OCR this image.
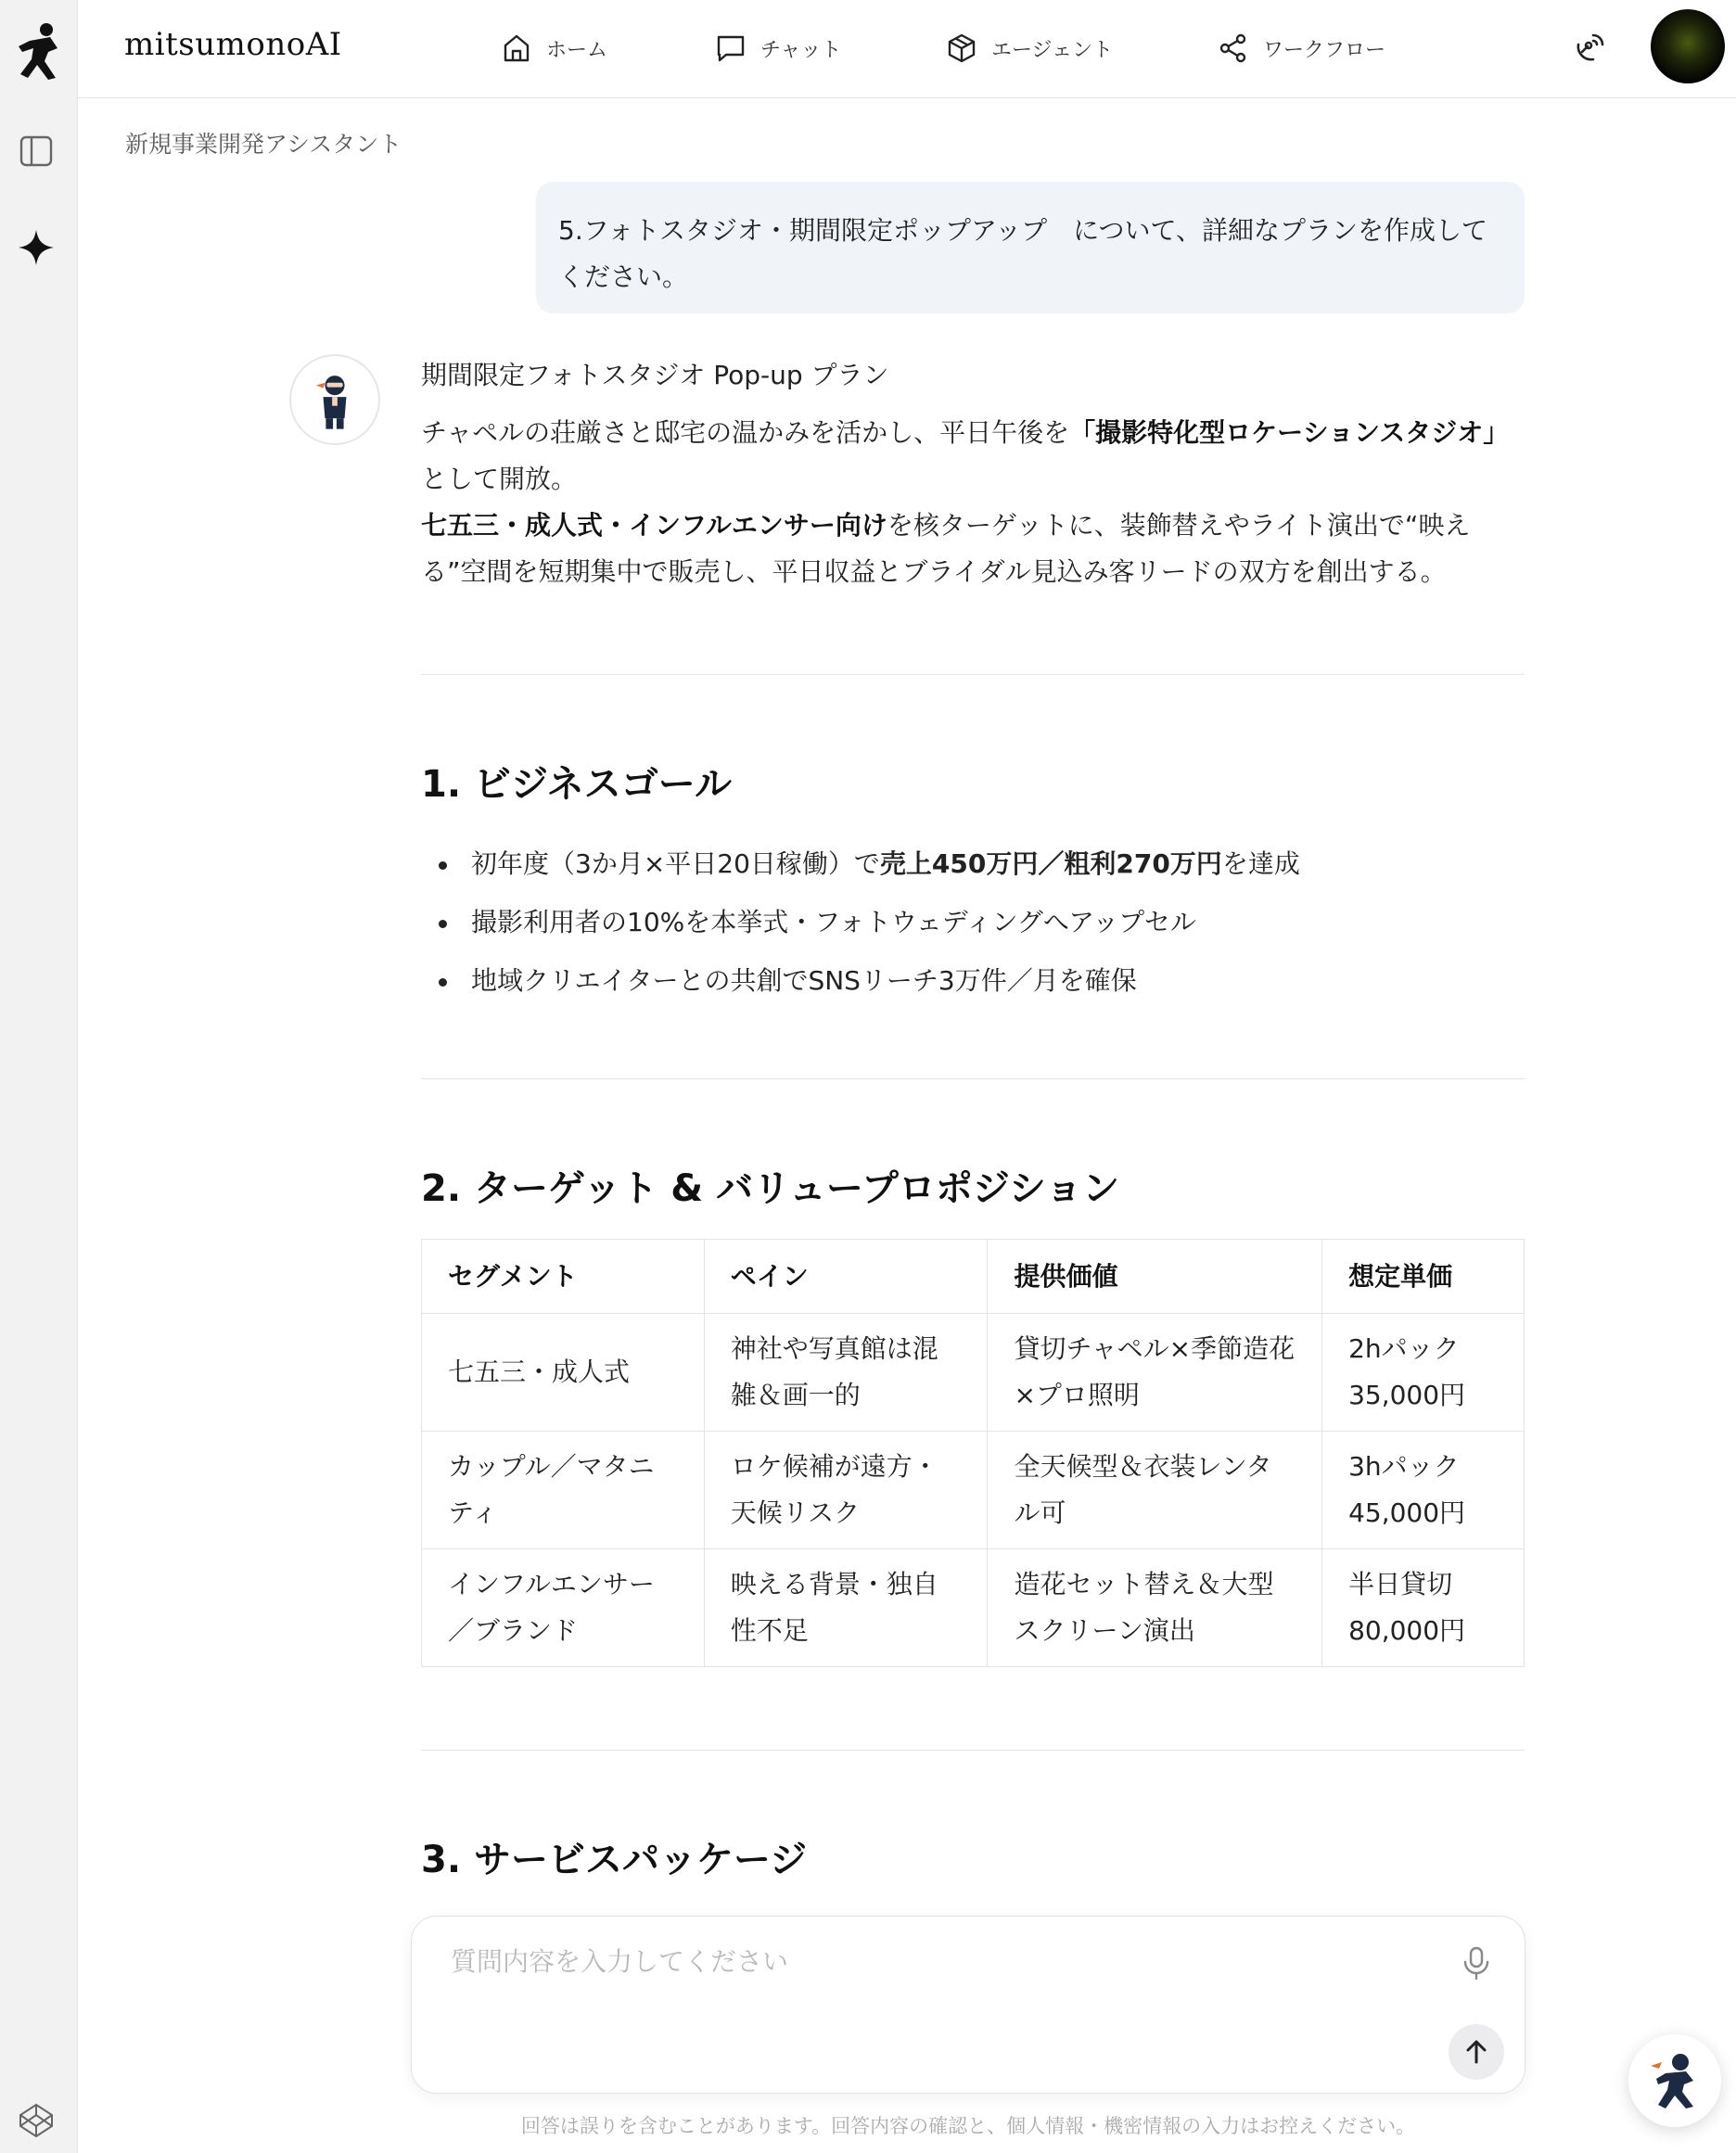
mitsumonoAI	ホーム	チャット	エージェント	ワークフロー
新規事業開発アシスタント
5.フォトスタジオ・期間限定ポップアップ　について、詳細なプランを作成してください。
期間限定フォトスタジオ Pop-up プラン
チャペルの荘厳さと邸宅の温かみを活かし、平日午後を「撮影特化型ロケーションスタジオ」として開放。
七五三・成人式・インフルエンサー向けを核ターゲットに、装飾替えやライト演出で“映える”空間を短期集中で販売し、平日収益とブライダル見込み客リードの双方を創出する。
1. ビジネスゴール
初年度（3か月×平日20日稼働）で売上450万円／粗利270万円を達成
撮影利用者の10%を本挙式・フォトウェディングへアップセル
地域クリエイターとの共創でSNSリーチ3万件／月を確保
2. ターゲット & バリュープロポジション
セグメント	ペイン	提供価値	想定単価
七五三・成人式	神社や写真館は混雑＆画一的	貸切チャペル×季節造花×プロ照明	2hパック35,000円
カップル／マタニティ	ロケ候補が遠方・天候リスク	全天候型＆衣装レンタル可	3hパック45,000円
インフルエンサー／ブランド	映える背景・独自性不足	造花セット替え＆大型スクリーン演出	半日貸切80,000円
3. サービスパッケージ
質問内容を入力してください
回答は誤りを含むことがあります。回答内容の確認と、個人情報・機密情報の入力はお控えください。
